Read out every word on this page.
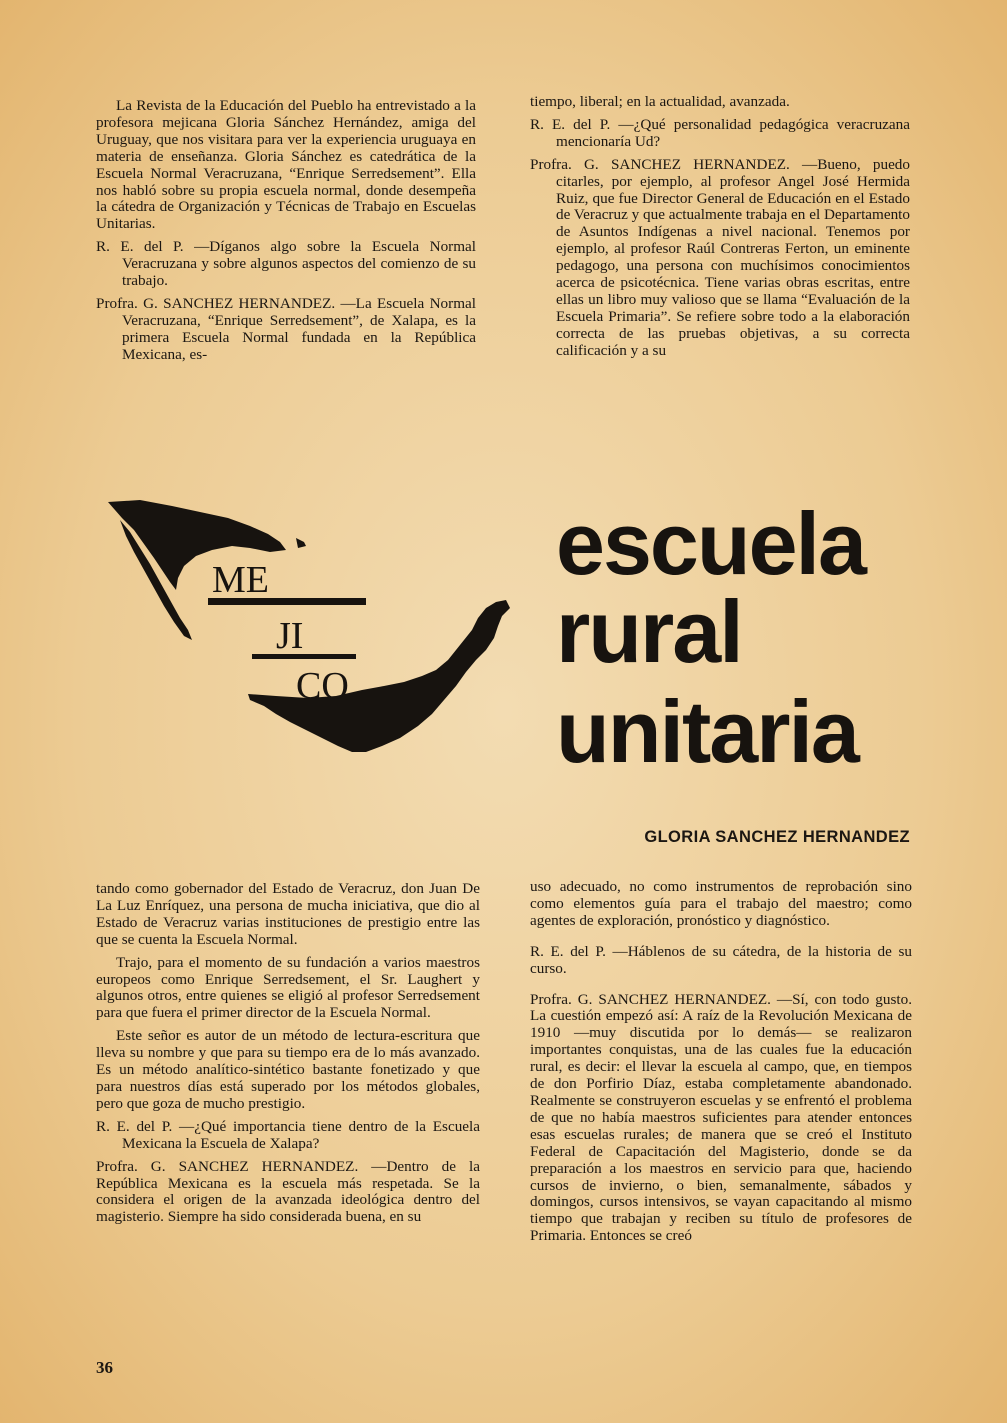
La Revista de la Educación del Pueblo ha entrevistado a la profesora mejicana Gloria Sánchez Hernández, amiga del Uruguay, que nos visitara para ver la experiencia uruguaya en materia de enseñanza. Gloria Sánchez es catedrática de la Escuela Normal Veracruzana, “Enrique Serredsement”. Ella nos habló sobre su propia escuela normal, donde desempeña la cátedra de Organización y Técnicas de Trabajo en Escuelas Unitarias.

R. E. del P. —Díganos algo sobre la Escuela Normal Veracruzana y sobre algunos aspectos del comienzo de su trabajo.

Profra. G. SANCHEZ HERNANDEZ. —La Escuela Normal Veracruzana, “Enrique Serredsement”, de Xalapa, es la primera Escuela Normal fundada en la República Mexicana, es-

tiempo, liberal; en la actualidad, avanzada.

R. E. del P. —¿Qué personalidad pedagógica veracruzana mencionaría Ud?

Profra. G. SANCHEZ HERNANDEZ. —Bueno, puedo citarles, por ejemplo, al profesor Angel José Hermida Ruiz, que fue Director General de Educación en el Estado de Veracruz y que actualmente trabaja en el Departamento de Asuntos Indígenas a nivel nacional. Tenemos por ejemplo, al profesor Raúl Contreras Ferton, un eminente pedagogo, una persona con muchísimos conocimientos acerca de psicotécnica. Tiene varias obras escritas, entre ellas un libro muy valioso que se llama “Evaluación de la Escuela Primaria”. Se refiere sobre todo a la elaboración correcta de las pruebas objetivas, a su correcta calificación y a su

ME
JI
CO
escuela
rural
unitaria
GLORIA SANCHEZ HERNANDEZ

tando como gobernador del Estado de Veracruz, don Juan De La Luz Enríquez, una persona de mucha iniciativa, que dio al Estado de Veracruz varias instituciones de prestigio entre las que se cuenta la Escuela Normal.

Trajo, para el momento de su fundación a varios maestros europeos como Enrique Serredsement, el Sr. Laughert y algunos otros, entre quienes se eligió al profesor Serredsement para que fuera el primer director de la Escuela Normal.

Este señor es autor de un método de lectura-escritura que lleva su nombre y que para su tiempo era de lo más avanzado. Es un método analítico-sintético bastante fonetizado y que para nuestros días está superado por los métodos globales, pero que goza de mucho prestigio.

R. E. del P. —¿Qué importancia tiene dentro de la Escuela Mexicana la Escuela de Xalapa?

Profra. G. SANCHEZ HERNANDEZ. —Dentro de la República Mexicana es la escuela más respetada. Se la considera el origen de la avanzada ideológica dentro del magisterio. Siempre ha sido considerada buena, en su

uso adecuado, no como instrumentos de reprobación sino como elementos guía para el trabajo del maestro; como agentes de exploración, pronóstico y diagnóstico.

R. E. del P. —Háblenos de su cátedra, de la historia de su curso.

Profra. G. SANCHEZ HERNANDEZ. —Sí, con todo gusto. La cuestión empezó así: A raíz de la Revolución Mexicana de 1910 —muy discutida por lo demás— se realizaron importantes conquistas, una de las cuales fue la educación rural, es decir: el llevar la escuela al campo, que, en tiempos de don Porfirio Díaz, estaba completamente abandonado. Realmente se construyeron escuelas y se enfrentó el problema de que no había maestros suficientes para atender entonces esas escuelas rurales; de manera que se creó el Instituto Federal de Capacitación del Magisterio, donde se da preparación a los maestros en servicio para que, haciendo cursos de invierno, o bien, semanalmente, sábados y domingos, cursos intensivos, se vayan capacitando al mismo tiempo que trabajan y reciben su título de profesores de Primaria. Entonces se creó

36
